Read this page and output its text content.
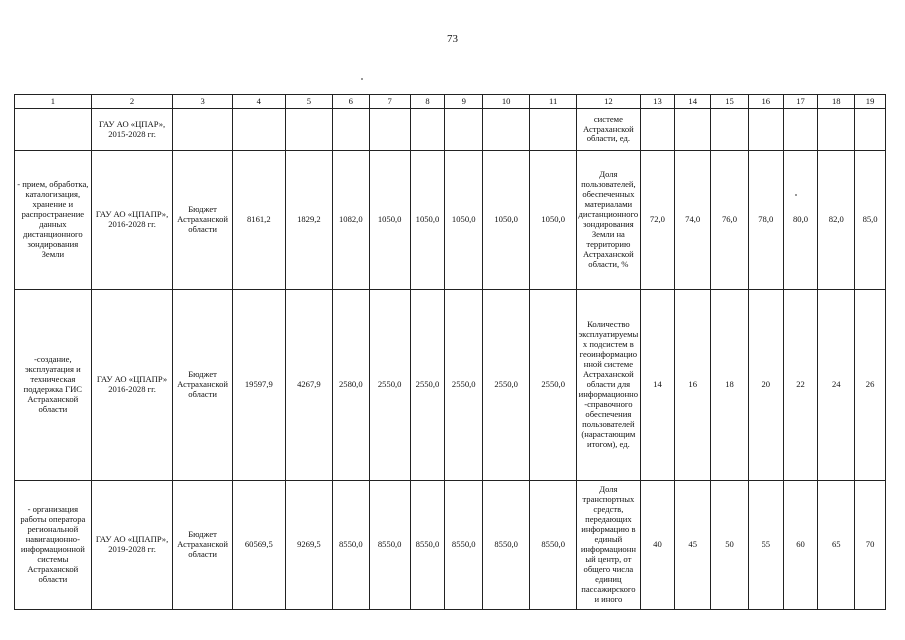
73
1	2	3	4	5	6	7	8	9	10	11	12	13	14	15	16	17	18	19
	ГАУ АО «ЦПАР», 2015-2028 гг.										системе Астраханской области, ед.							
- прием, обработка, каталогизация, хранение и распространение данных дистанционного зондирования Земли	ГАУ АО «ЦПАПР», 2016-2028 гг.	Бюджет Астраханской области	8161,2	1829,2	1082,0	1050,0	1050,0	1050,0	1050,0	1050,0	Доля пользователей, обеспеченных материалами дистанционного зондирования Земли на территорию Астраханской области, %	72,0	74,0	76,0	78,0	80,0	82,0	85,0
-создание, эксплуатация и техническая поддержка ГИС Астраханской области	ГАУ АО «ЦПАПР» 2016-2028 гг.	Бюджет Астраханской области	19597,9	4267,9	2580,0	2550,0	2550,0	2550,0	2550,0	2550,0	Количество эксплуатируемых подсистем в геоинформационной системе Астраханской области для информационно-справочного обеспечения пользователей (нарастающим итогом), ед.	14	16	18	20	22	24	26
- организация работы оператора региональной навигационно-информационной системы Астраханской области	ГАУ АО «ЦПАПР», 2019-2028 гг.	Бюджет Астраханской области	60569,5	9269,5	8550,0	8550,0	8550,0	8550,0	8550,0	8550,0	Доля транспортных средств, передающих информацию в единый информационный центр, от общего числа единиц пассажирского и иного	40	45	50	55	60	65	70
